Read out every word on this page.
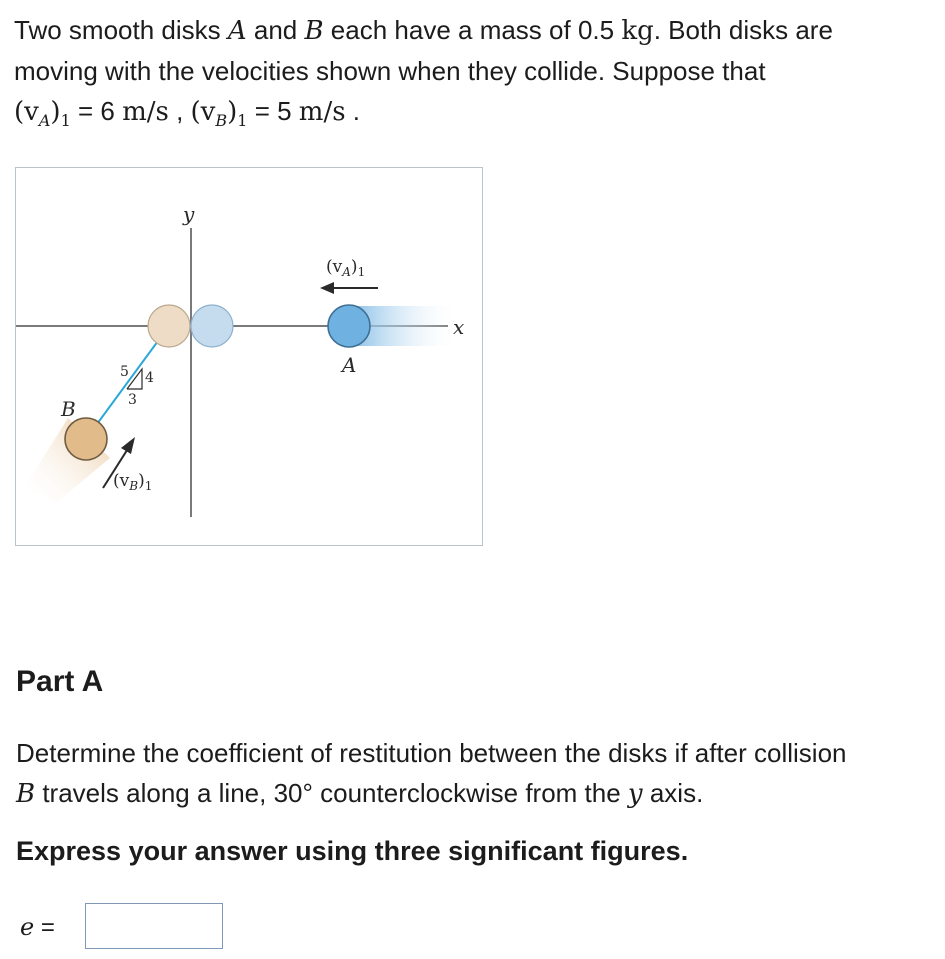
Two smooth disks A and B each have a mass of 0.5 kg. Both disks are
moving with the velocities shown when they collide. Suppose that
$(v_A)_1 = 6$ m/s , $(v_B)_1 = 5$ m/s .
y
x
A
B
$(v_A)_1$
$(v_B)_1$
5 4
3
Part A
Determine the coefficient of restitution between the disks if after collision
B travels along a line, 30° counterclockwise from the y axis.
Express your answer using three significant figures.
e =
